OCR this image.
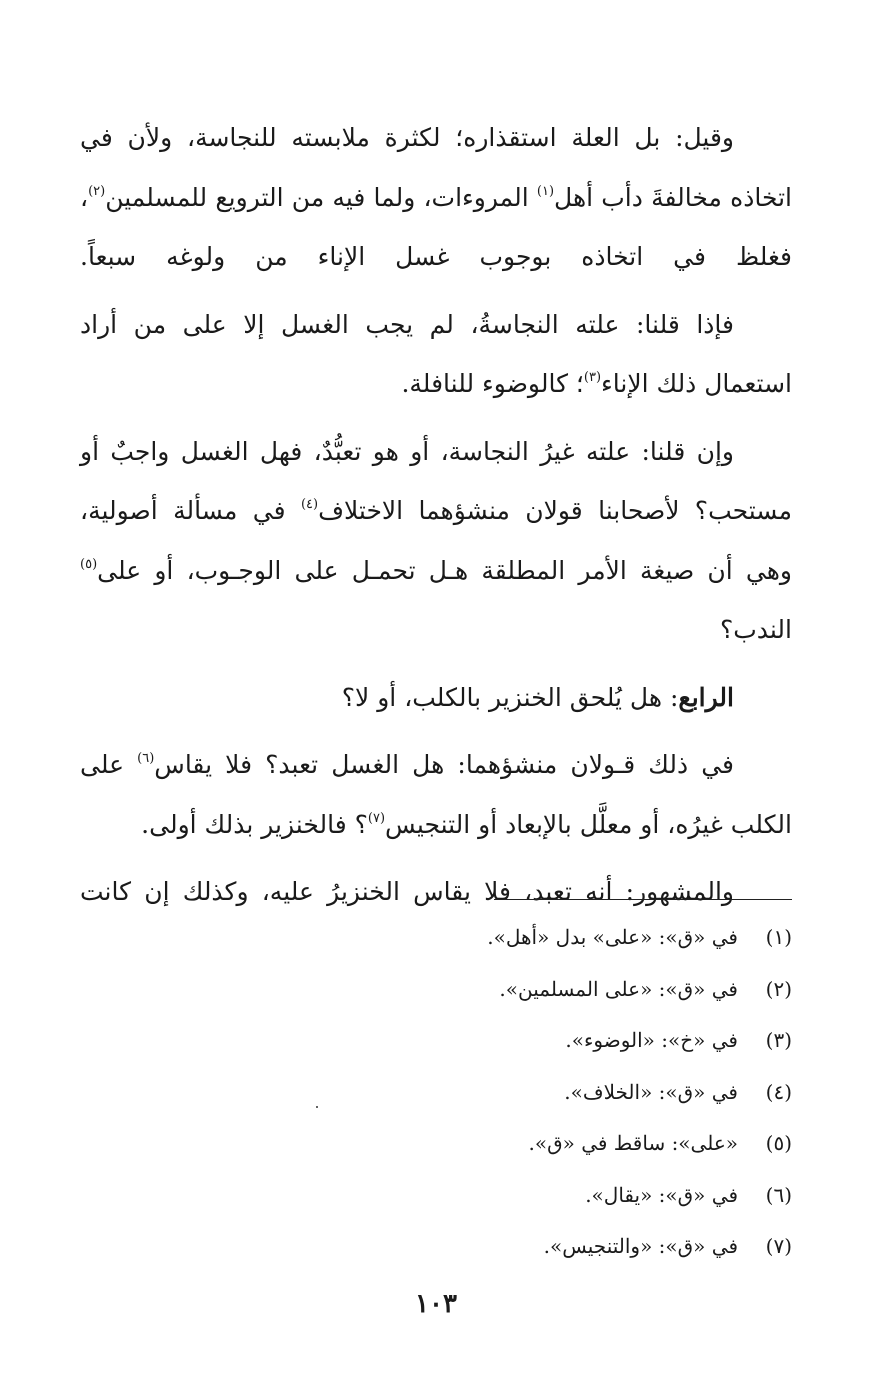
وقيل: بل العلة استقذاره؛ لكثرة ملابسته للنجاسة، ولأن في اتخاذه مخالفةَ دأب أهل$^{(١)}$ المروءات، ولما فيه من الترويع للمسلمين$^{(٢)}$، فغلظ في اتخاذه بوجوب غسل الإناء من ولوغه سبعاً.

فإذا قلنا: علته النجاسةُ، لم يجب الغسل إلا على من أراد استعمال ذلك الإناء$^{(٣)}$؛ كالوضوء للنافلة.

وإن قلنا: علته غيرُ النجاسة، أو هو تعبُّدٌ، فهل الغسل واجبٌ أو مستحب؟ لأصحابنا قولان منشؤهما الاختلاف$^{(٤)}$ في مسألة أصولية، وهي أن صيغة الأمر المطلقة هـل تحمـل على الوجـوب، أو على$^{(٥)}$ الندب؟

الرابع: هل يُلحق الخنزير بالكلب، أو لا؟

في ذلك قـولان منشؤهما: هل الغسل تعبد؟ فلا يقاس$^{(٦)}$ على الكلب غيرُه، أو معلَّل بالإبعاد أو التنجيس$^{(٧)}$؟ فالخنزير بذلك أولى.

والمشهور: أنه تعبد، فلا يقاس الخنزيرُ عليه، وكذلك إن كانت

(١)
في «ق»: «على» بدل «أهل».
(٢)
في «ق»: «على المسلمين».
(٣)
في «خ»: «الوضوء».
(٤)
في «ق»: «الخلاف».
(٥)
«على»: ساقط في «ق».
(٦)
في «ق»: «يقال».
(٧)
في «ق»: «والتنجيس».
١٠٣
